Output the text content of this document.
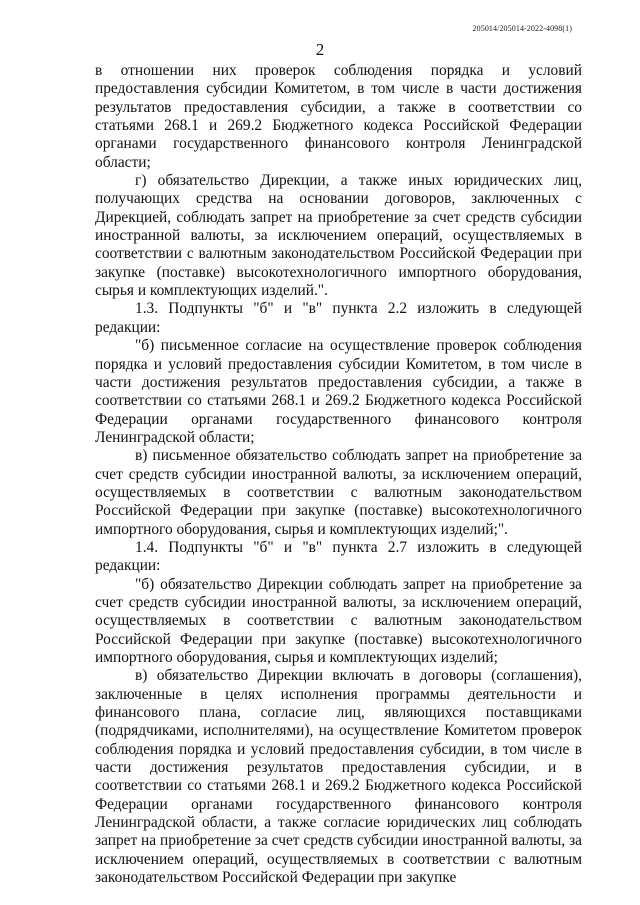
205014/205014-2022-4098(1)
2

в отношении них проверок соблюдения порядка и условий предоставления субсидии Комитетом, в том числе в части достижения результатов предоставления субсидии, а также в соответствии со статьями 268.1 и 269.2 Бюджетного кодекса Российской Федерации органами государственного финансового контроля Ленинградской области;

г) обязательство Дирекции, а также иных юридических лиц, получающих средства на основании договоров, заключенных с Дирекцией, соблюдать запрет на приобретение за счет средств субсидии иностранной валюты, за исключением операций, осуществляемых в соответствии с валютным законодательством Российской Федерации при закупке (поставке) высокотехнологичного импортного оборудования, сырья и комплектующих изделий.".

1.3. Подпункты "б" и "в" пункта 2.2 изложить в следующей редакции:

"б) письменное согласие на осуществление проверок соблюдения порядка и условий предоставления субсидии Комитетом, в том числе в части достижения результатов предоставления субсидии, а также в соответствии со статьями 268.1 и 269.2 Бюджетного кодекса Российской Федерации органами государственного финансового контроля Ленинградской области;

в) письменное обязательство соблюдать запрет на приобретение за счет средств субсидии иностранной валюты, за исключением операций, осуществляемых в соответствии с валютным законодательством Российской Федерации при закупке (поставке) высокотехнологичного импортного оборудования, сырья и комплектующих изделий;".

1.4. Подпункты "б" и "в" пункта 2.7 изложить в следующей редакции:

"б) обязательство Дирекции соблюдать запрет на приобретение за счет средств субсидии иностранной валюты, за исключением операций, осуществляемых в соответствии с валютным законодательством Российской Федерации при закупке (поставке) высокотехнологичного импортного оборудования, сырья и комплектующих изделий;

в) обязательство Дирекции включать в договоры (соглашения), заключенные в целях исполнения программы деятельности и финансового плана, согласие лиц, являющихся поставщиками (подрядчиками, исполнителями), на осуществление Комитетом проверок соблюдения порядка и условий предоставления субсидии, в том числе в части достижения результатов предоставления субсидии, и в соответствии со статьями 268.1 и 269.2 Бюджетного кодекса Российской Федерации органами государственного финансового контроля Ленинградской области, а также согласие юридических лиц соблюдать запрет на приобретение за счет средств субсидии иностранной валюты, за исключением операций, осуществляемых в соответствии с валютным законодательством Российской Федерации при закупке
